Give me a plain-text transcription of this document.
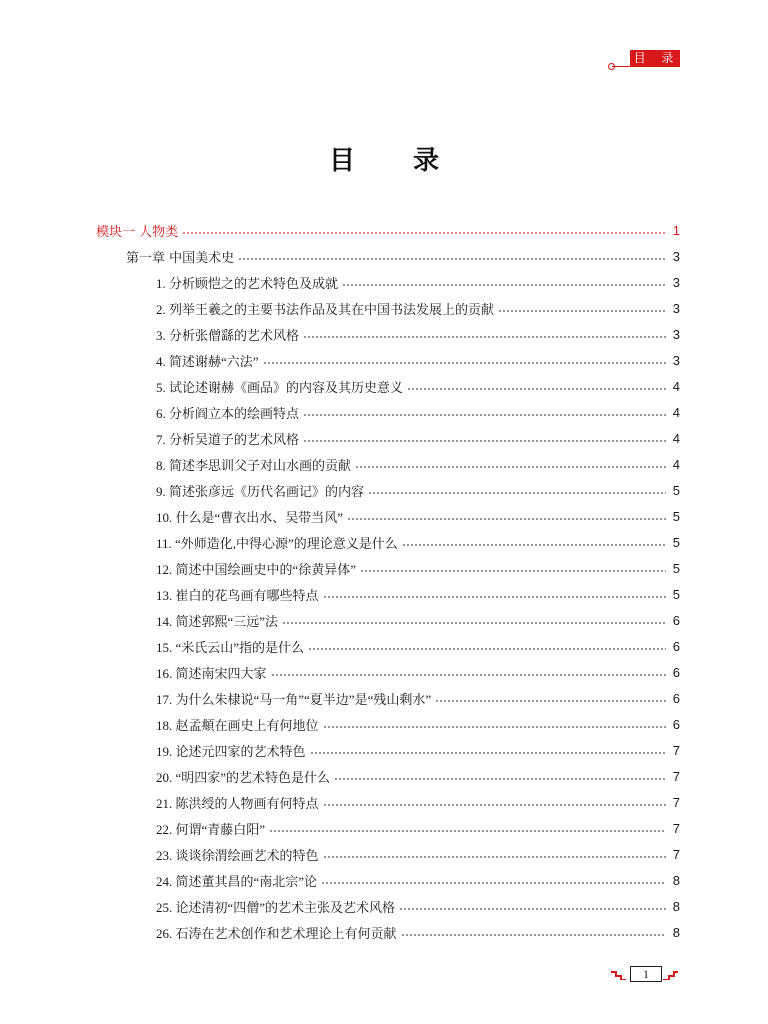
目 录
目 录
模块一 人物类	1
第一章 中国美术史	3
1. 分析顾恺之的艺术特色及成就	3
2. 列举王羲之的主要书法作品及其在中国书法发展上的贡献	3
3. 分析张僧繇的艺术风格	3
4. 简述谢赫“六法”	3
5. 试论述谢赫《画品》的内容及其历史意义	4
6. 分析阎立本的绘画特点	4
7. 分析吴道子的艺术风格	4
8. 简述李思训父子对山水画的贡献	4
9. 简述张彦远《历代名画记》的内容	5
10. 什么是“曹衣出水、吴带当风”	5
11. “外师造化,中得心源”的理论意义是什么	5
12. 简述中国绘画史中的“徐黄异体”	5
13. 崔白的花鸟画有哪些特点	5
14. 简述郭熙“三远”法	6
15. “米氏云山”指的是什么	6
16. 简述南宋四大家	6
17. 为什么朱棣说“马一角”“夏半边”是“残山剩水”	6
18. 赵孟頫在画史上有何地位	6
19. 论述元四家的艺术特色	7
20. “明四家”的艺术特色是什么	7
21. 陈洪绶的人物画有何特点	7
22. 何谓“青藤白阳”	7
23. 谈谈徐渭绘画艺术的特色	7
24. 简述董其昌的“南北宗”论	8
25. 论述清初“四僧”的艺术主张及艺术风格	8
26. 石涛在艺术创作和艺术理论上有何贡献	8
1
